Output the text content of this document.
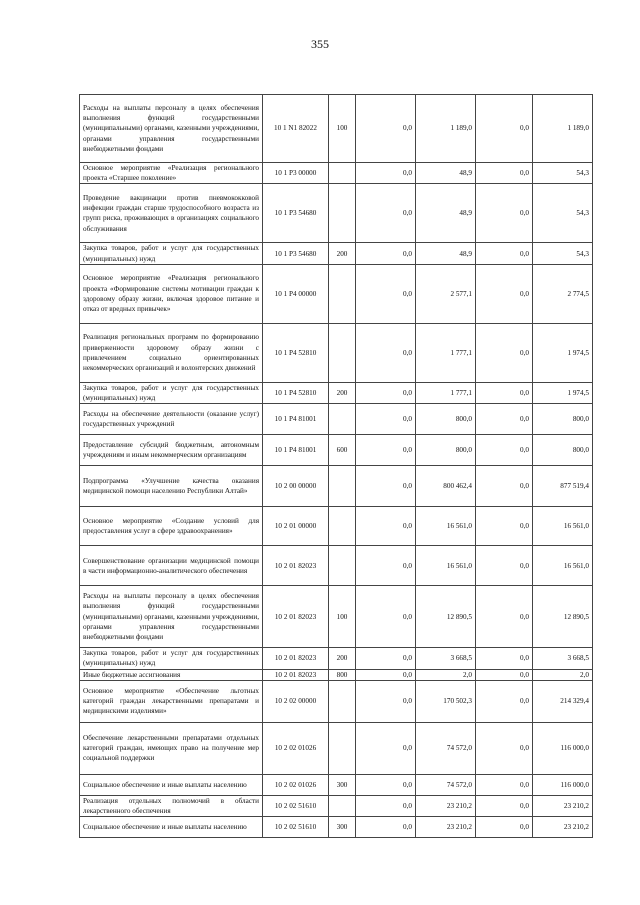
355
Расходы на выплаты персоналу в целях обеспечения выполнения функций государственными (муниципальными) органами, казенными учреждениями, органами управления государственными внебюджетными фондами	10 1 N1 82022	100	0,0	1 189,0	0,0	1 189,0
Основное мероприятие «Реализация регионального проекта «Старшее поколение»	10 1 P3 00000		0,0	48,9	0,0	54,3
Проведение вакцинации против пневмококковой инфекции граждан старше трудоспособного возраста из групп риска, проживающих в организациях социального обслуживания	10 1 P3 54680		0,0	48,9	0,0	54,3
Закупка товаров, работ и услуг для государственных (муниципальных) нужд	10 1 P3 54680	200	0,0	48,9	0,0	54,3
Основное мероприятие «Реализация регионального проекта «Формирование системы мотивации граждан к здоровому образу жизни, включая здоровое питание и отказ от вредных привычек»	10 1 P4 00000		0,0	2 577,1	0,0	2 774,5
Реализация региональных программ по формированию приверженности здоровому образу жизни с привлечением социально ориентированных некоммерческих организаций и волонтерских движений	10 1 P4 52810		0,0	1 777,1	0,0	1 974,5
Закупка товаров, работ и услуг для государственных (муниципальных) нужд	10 1 P4 52810	200	0,0	1 777,1	0,0	1 974,5
Расходы на обеспечение деятельности (оказание услуг) государственных учреждений	10 1 P4 81001		0,0	800,0	0,0	800,0
Предоставление субсидий бюджетным, автономным учреждениям и иным некоммерческим организациям	10 1 P4 81001	600	0,0	800,0	0,0	800,0
Подпрограмма «Улучшение качества оказания медицинской помощи населению Республики Алтай»	10 2 00 00000		0,0	800 462,4	0,0	877 519,4
Основное мероприятие «Создание условий для предоставления услуг в сфере здравоохранения»	10 2 01 00000		0,0	16 561,0	0,0	16 561,0
Совершенствование организации медицинской помощи в части информационно-аналитического обеспечения	10 2 01 82023		0,0	16 561,0	0,0	16 561,0
Расходы на выплаты персоналу в целях обеспечения выполнения функций государственными (муниципальными) органами, казенными учреждениями, органами управления государственными внебюджетными фондами	10 2 01 82023	100	0,0	12 890,5	0,0	12 890,5
Закупка товаров, работ и услуг для государственных (муниципальных) нужд	10 2 01 82023	200	0,0	3 668,5	0,0	3 668,5
Иные бюджетные ассигнования	10 2 01 82023	800	0,0	2,0	0,0	2,0
Основное мероприятие «Обеспечение льготных категорий граждан лекарственными препаратами и медицинскими изделиями»	10 2 02 00000		0,0	170 502,3	0,0	214 329,4
Обеспечение лекарственными препаратами отдельных категорий граждан, имеющих право на получение мер социальной поддержки	10 2 02 01026		0,0	74 572,0	0,0	116 000,0
Социальное обеспечение и иные выплаты населению	10 2 02 01026	300	0,0	74 572,0	0,0	116 000,0
Реализация отдельных полномочий в области лекарственного обеспечения	10 2 02 51610		0,0	23 210,2	0,0	23 210,2
Социальное обеспечение и иные выплаты населению	10 2 02 51610	300	0,0	23 210,2	0,0	23 210,2
